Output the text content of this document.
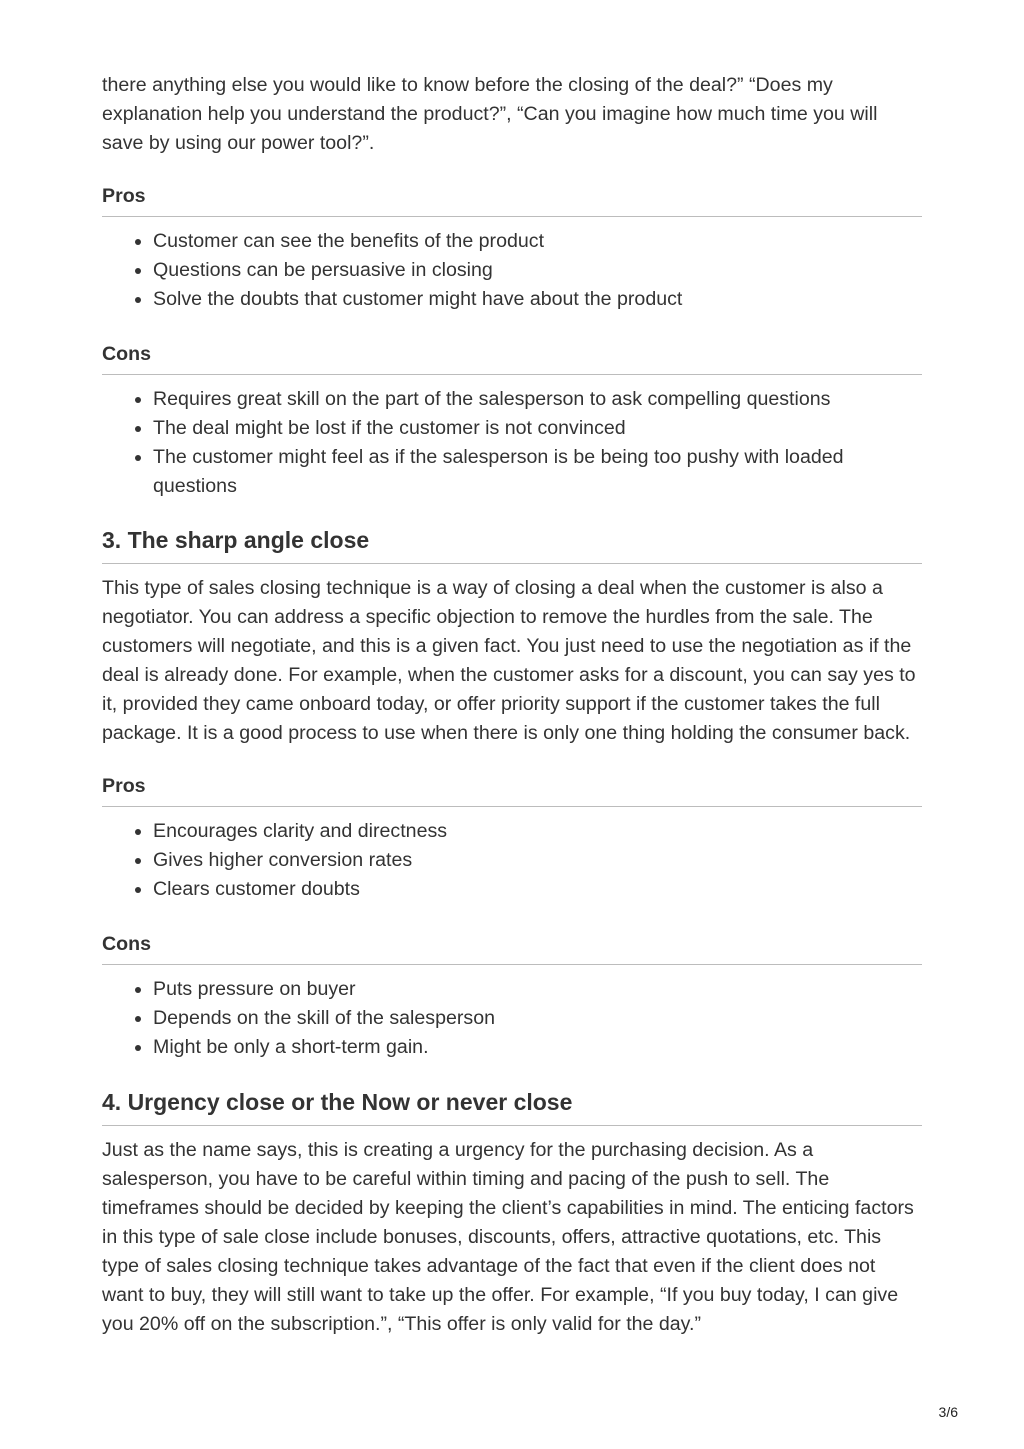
there anything else you would like to know before the closing of the deal?” “Does my explanation help you understand the product?”, “Can you imagine how much time you will save by using our power tool?”.

Pros
Customer can see the benefits of the product
Questions can be persuasive in closing
Solve the doubts that customer might have about the product
Cons
Requires great skill on the part of the salesperson to ask compelling questions
The deal might be lost if the customer is not convinced
The customer might feel as if the salesperson is be being too pushy with loaded questions
3. The sharp angle close

This type of sales closing technique is a way of closing a deal when the customer is also a negotiator. You can address a specific objection to remove the hurdles from the sale. The customers will negotiate, and this is a given fact. You just need to use the negotiation as if the deal is already done. For example, when the customer asks for a discount, you can say yes to it, provided they came onboard today, or offer priority support if the customer takes the full package. It is a good process to use when there is only one thing holding the consumer back.

Pros
Encourages clarity and directness
Gives higher conversion rates
Clears customer doubts
Cons
Puts pressure on buyer
Depends on the skill of the salesperson
Might be only a short-term gain.
4. Urgency close or the Now or never close

Just as the name says, this is creating a urgency for the purchasing decision. As a salesperson, you have to be careful within timing and pacing of the push to sell. The timeframes should be decided by keeping the client’s capabilities in mind. The enticing factors in this type of sale close include bonuses, discounts, offers, attractive quotations, etc. This type of sales closing technique takes advantage of the fact that even if the client does not want to buy, they will still want to take up the offer. For example, “If you buy today, I can give you 20% off on the subscription.”, “This offer is only valid for the day.”

3/6
